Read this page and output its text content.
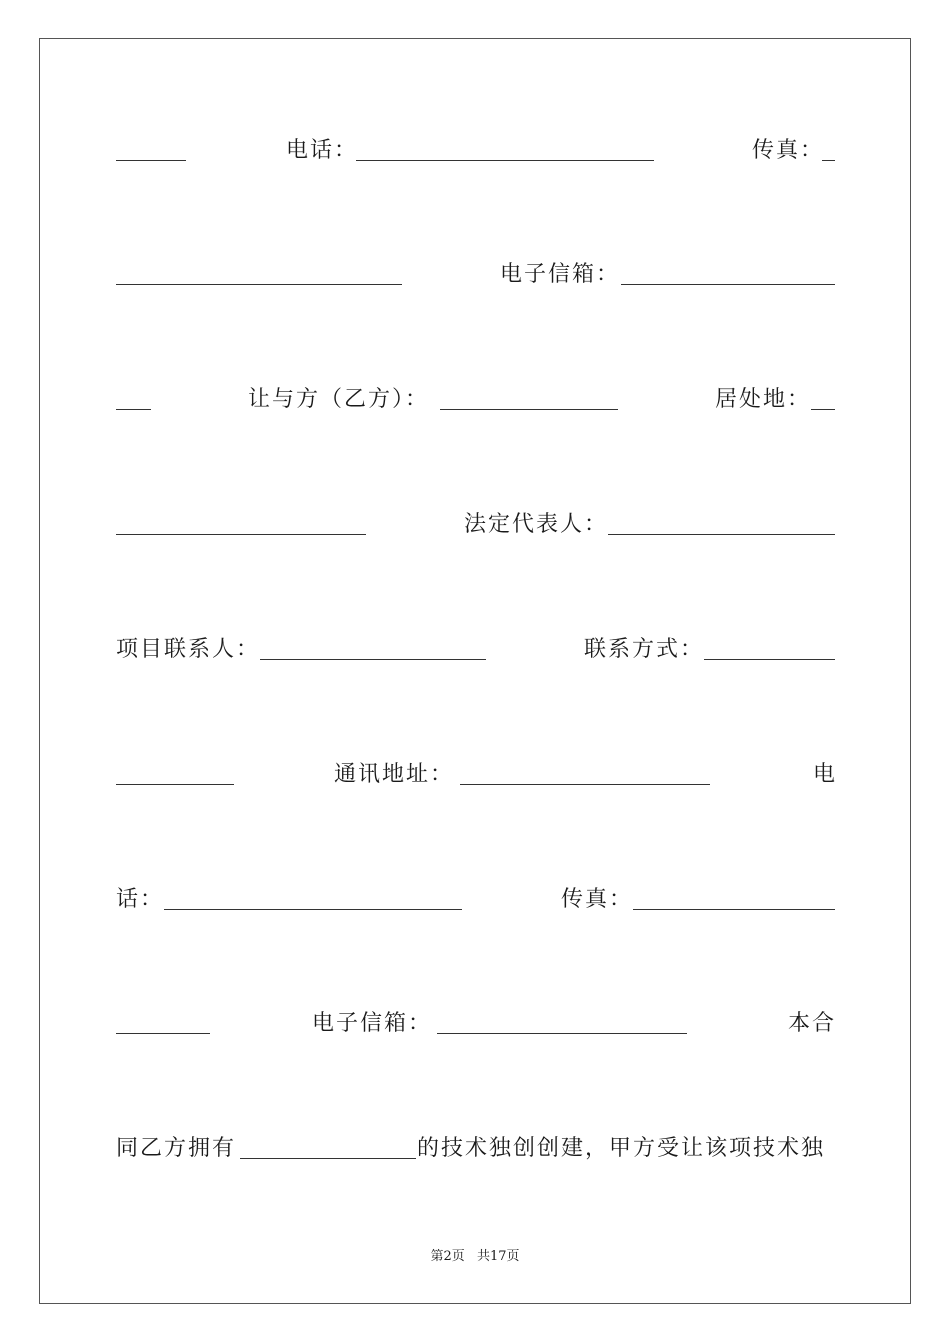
电话：	传真：
电子信箱：
让与方（乙方）：	居处地：
法定代表人：
项目联系人：	联系方式：
通讯地址：	电
话：	传真：
电子信箱：	本合
同乙方拥有	的技术独创创建，甲方受让该项技术独
第2页 共17页
